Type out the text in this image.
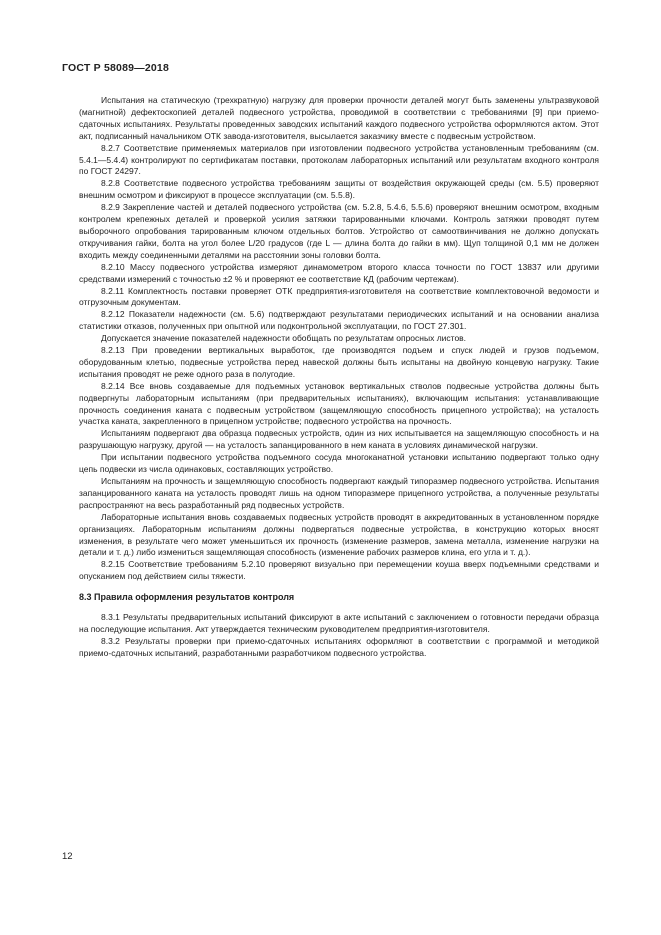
ГОСТ Р 58089—2018

Испытания на статическую (трехкратную) нагрузку для проверки прочности деталей могут быть заменены ультразвуковой (магнитной) дефектоскопией деталей подвесного устройства, проводимой в соответствии с требованиями [9] при приемо-сдаточных испытаниях. Результаты проведенных заводских испытаний каждого подвесного устройства оформляются актом. Этот акт, подписанный начальником ОТК завода-изготовителя, высылается заказчику вместе с подвесным устройством.

8.2.7 Соответствие применяемых материалов при изготовлении подвесного устройства установленным требованиям (см. 5.4.1—5.4.4) контролируют по сертификатам поставки, протоколам лабораторных испытаний или результатам входного контроля по ГОСТ 24297.

8.2.8 Соответствие подвесного устройства требованиям защиты от воздействия окружающей среды (см. 5.5) проверяют внешним осмотром и фиксируют в процессе эксплуатации (см. 5.5.8).

8.2.9 Закрепление частей и деталей подвесного устройства (см. 5.2.8, 5.4.6, 5.5.6) проверяют внешним осмотром, входным контролем крепежных деталей и проверкой усилия затяжки тарированными ключами. Контроль затяжки проводят путем выборочного опробования тарированным ключом отдельных болтов. Устройство от самоотвинчивания не должно допускать откручивания гайки, болта на угол более L/20 градусов (где L — длина болта до гайки в мм). Щуп толщиной 0,1 мм не должен входить между соединенными деталями на расстоянии зоны головки болта.

8.2.10 Массу подвесного устройства измеряют динамометром второго класса точности по ГОСТ 13837 или другими средствами измерений с точностью ±2 % и проверяют ее соответствие КД (рабочим чертежам).

8.2.11 Комплектность поставки проверяет ОТК предприятия-изготовителя на соответствие комплектовочной ведомости и отгрузочным документам.

8.2.12 Показатели надежности (см. 5.6) подтверждают результатами периодических испытаний и на основании анализа статистики отказов, полученных при опытной или подконтрольной эксплуатации, по ГОСТ 27.301.

Допускается значение показателей надежности обобщать по результатам опросных листов.

8.2.13 При проведении вертикальных выработок, где производятся подъем и спуск людей и грузов подъемом, оборудованным клетью, подвесные устройства перед навеской должны быть испытаны на двойную концевую нагрузку. Такие испытания проводят не реже одного раза в полугодие.

8.2.14 Все вновь создаваемые для подъемных установок вертикальных стволов подвесные устройства должны быть подвергнуты лабораторным испытаниям (при предварительных испытаниях), включающим испытания: устанавливающие прочность соединения каната с подвесным устройством (защемляющую способность прицепного устройства); на усталость участка каната, закрепленного в прицепном устройстве; подвесного устройства на прочность.

Испытаниям подвергают два образца подвесных устройств, один из них испытывается на защемляющую способность и на разрушающую нагрузку, другой — на усталость запанцированного в нем каната в условиях динамической нагрузки.

При испытании подвесного устройства подъемного сосуда многоканатной установки испытанию подвергают только одну цепь подвески из числа одинаковых, составляющих устройство.

Испытаниям на прочность и защемляющую способность подвергают каждый типоразмер подвесного устройства. Испытания запанцированного каната на усталость проводят лишь на одном типоразмере прицепного устройства, а полученные результаты распространяют на весь разработанный ряд подвесных устройств.

Лабораторные испытания вновь создаваемых подвесных устройств проводят в аккредитованных в установленном порядке организациях. Лабораторным испытаниям должны подвергаться подвесные устройства, в конструкцию которых вносят изменения, в результате чего может уменьшиться их прочность (изменение размеров, замена металла, изменение нагрузки на детали и т. д.) либо измениться защемляющая способность (изменение рабочих размеров клина, его угла и т. д.).

8.2.15 Соответствие требованиям 5.2.10 проверяют визуально при перемещении коуша вверх подъемными средствами и опусканием под действием силы тяжести.

8.3 Правила оформления результатов контроля

8.3.1 Результаты предварительных испытаний фиксируют в акте испытаний с заключением о готовности передачи образца на последующие испытания. Акт утверждается техническим руководителем предприятия-изготовителя.

8.3.2 Результаты проверки при приемо-сдаточных испытаниях оформляют в соответствии с программой и методикой приемо-сдаточных испытаний, разработанными разработчиком подвесного устройства.

12
